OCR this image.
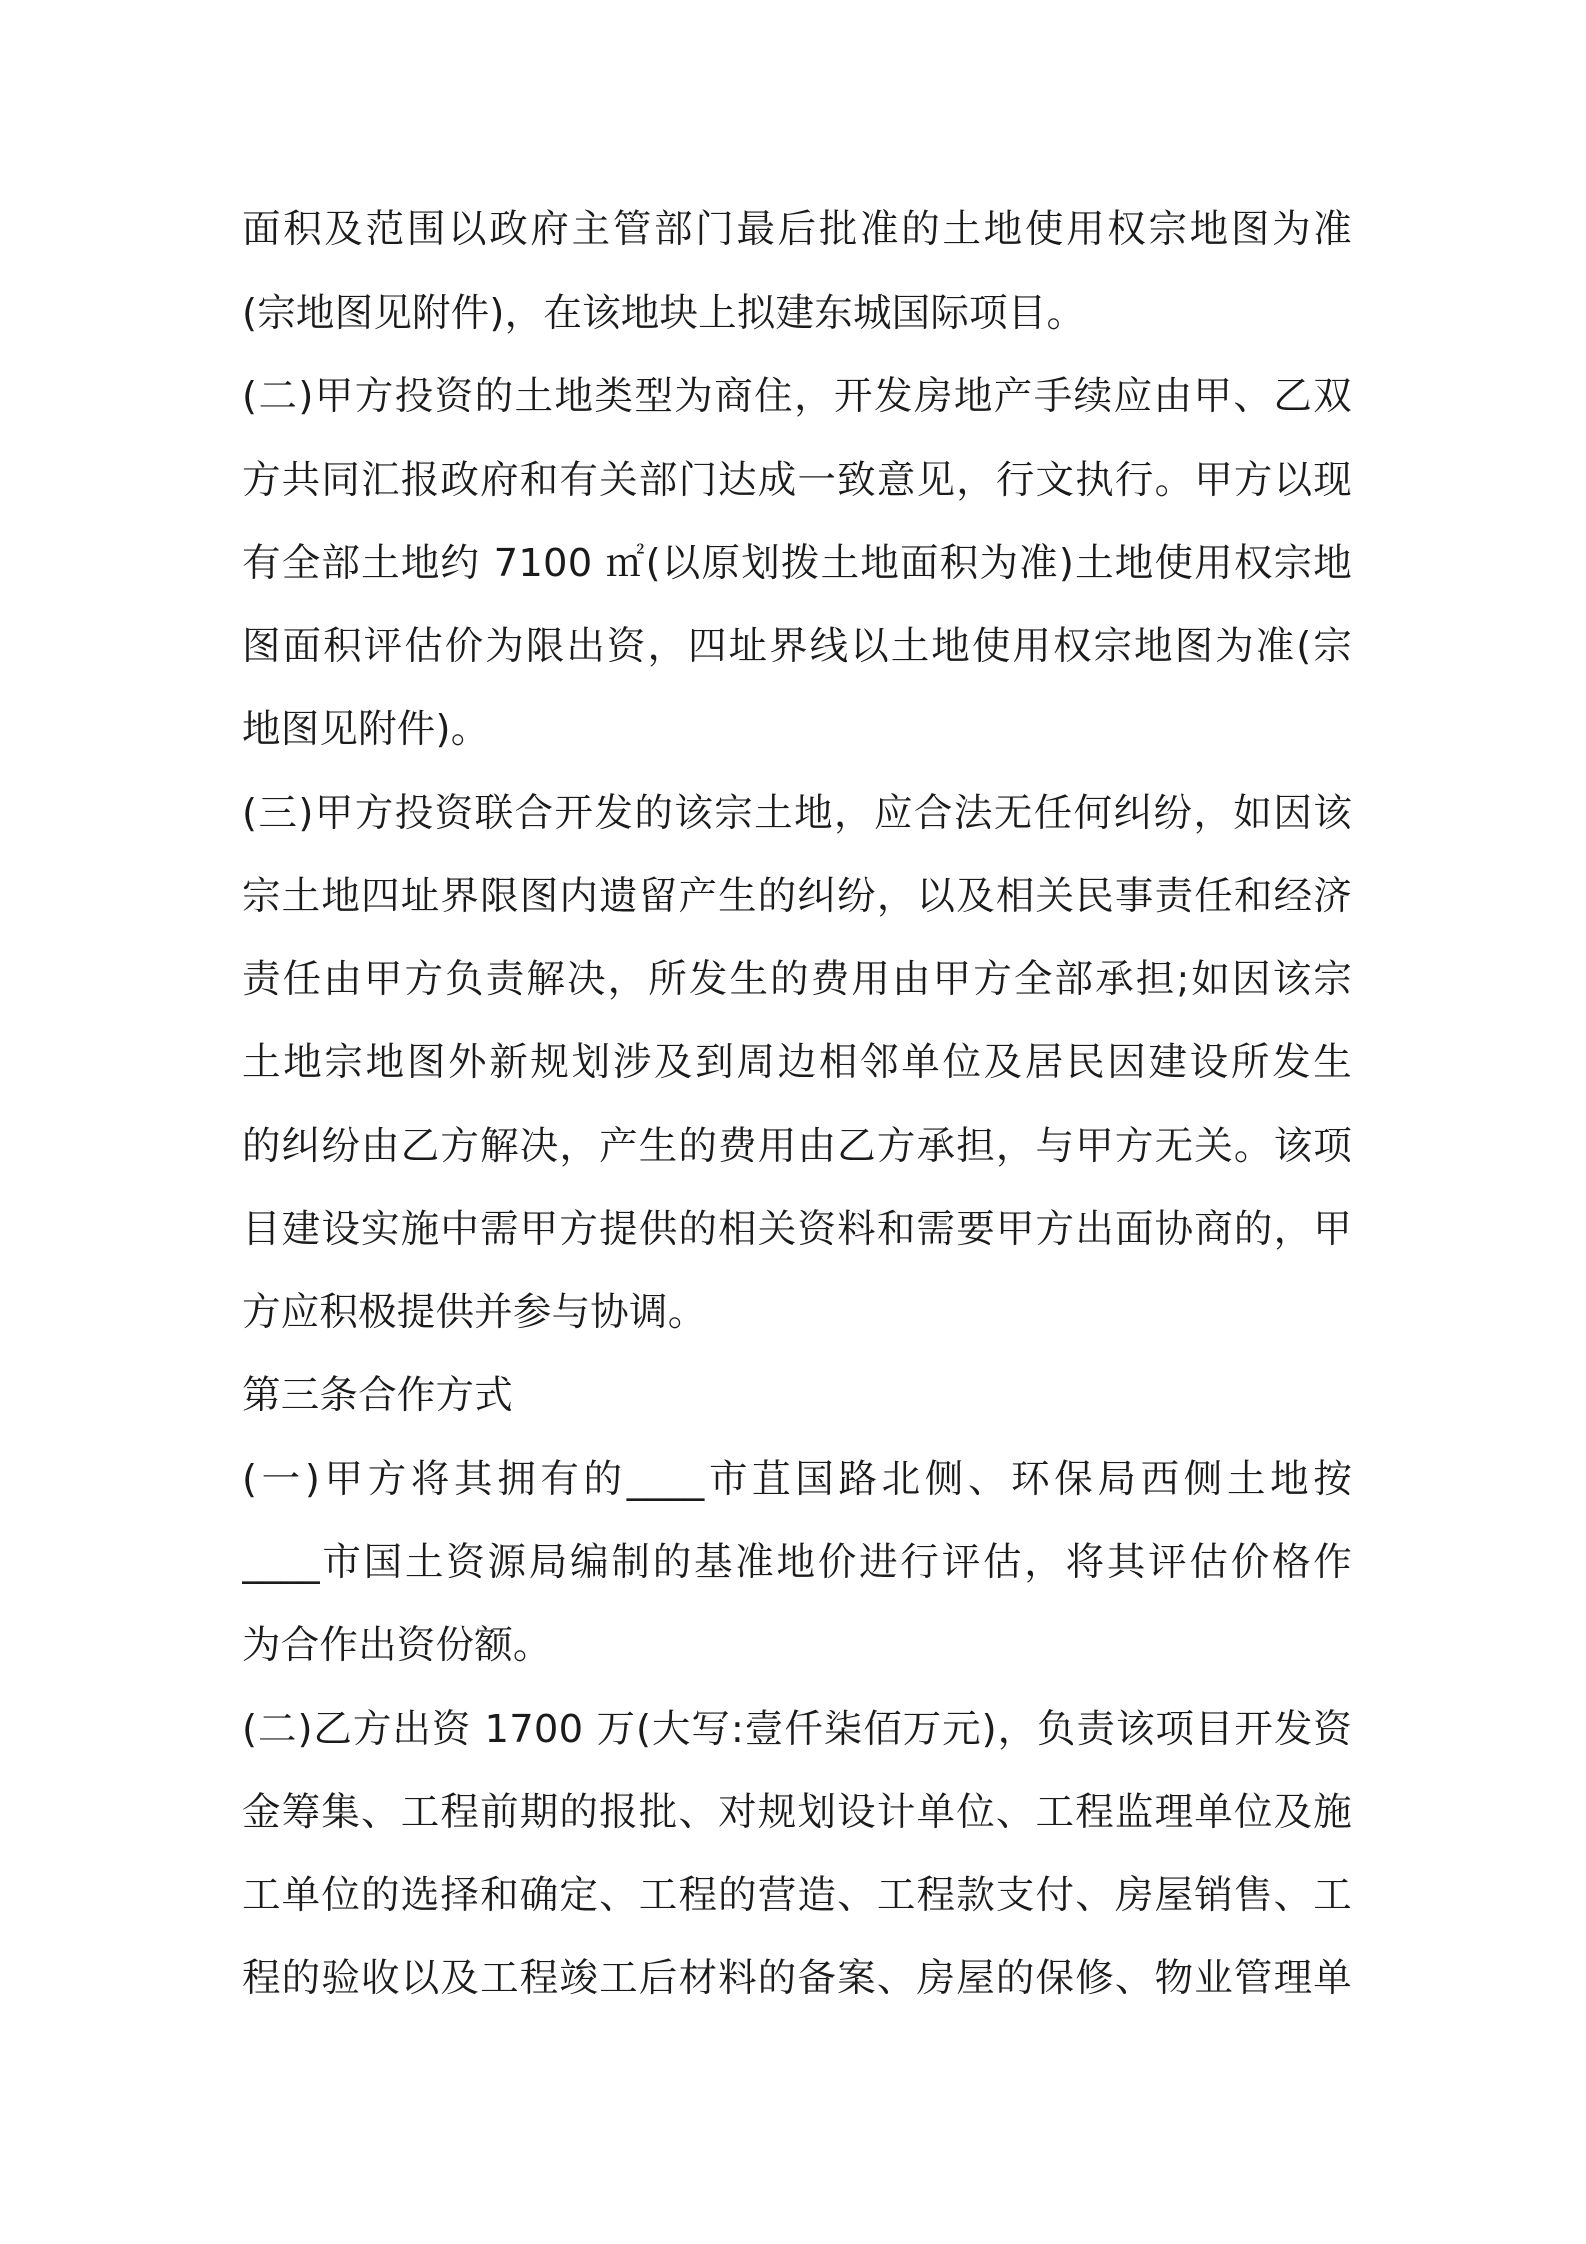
面积及范围以政府主管部门最后批准的土地使用权宗地图为准

(宗地图见附件)，在该地块上拟建东城国际项目。

(二)甲方投资的土地类型为商住，开发房地产手续应由甲、乙双

方共同汇报政府和有关部门达成一致意见，行文执行。甲方以现

有全部土地约 7100 ㎡(以原划拨土地面积为准)土地使用权宗地

图面积评估价为限出资，四址界线以土地使用权宗地图为准(宗

地图见附件)。

(三)甲方投资联合开发的该宗土地，应合法无任何纠纷，如因该

宗土地四址界限图内遗留产生的纠纷，以及相关民事责任和经济

责任由甲方负责解决，所发生的费用由甲方全部承担;如因该宗

土地宗地图外新规划涉及到周边相邻单位及居民因建设所发生

的纠纷由乙方解决，产生的费用由乙方承担，与甲方无关。该项

目建设实施中需甲方提供的相关资料和需要甲方出面协商的，甲

方应积极提供并参与协调。

第三条合作方式

(一)甲方将其拥有的____市苴国路北侧、环保局西侧土地按

____市国土资源局编制的基准地价进行评估，将其评估价格作

为合作出资份额。

(二)乙方出资 1700 万(大写:壹仟柒佰万元)，负责该项目开发资

金筹集、工程前期的报批、对规划设计单位、工程监理单位及施

工单位的选择和确定、工程的营造、工程款支付、房屋销售、工

程的验收以及工程竣工后材料的备案、房屋的保修、物业管理单
